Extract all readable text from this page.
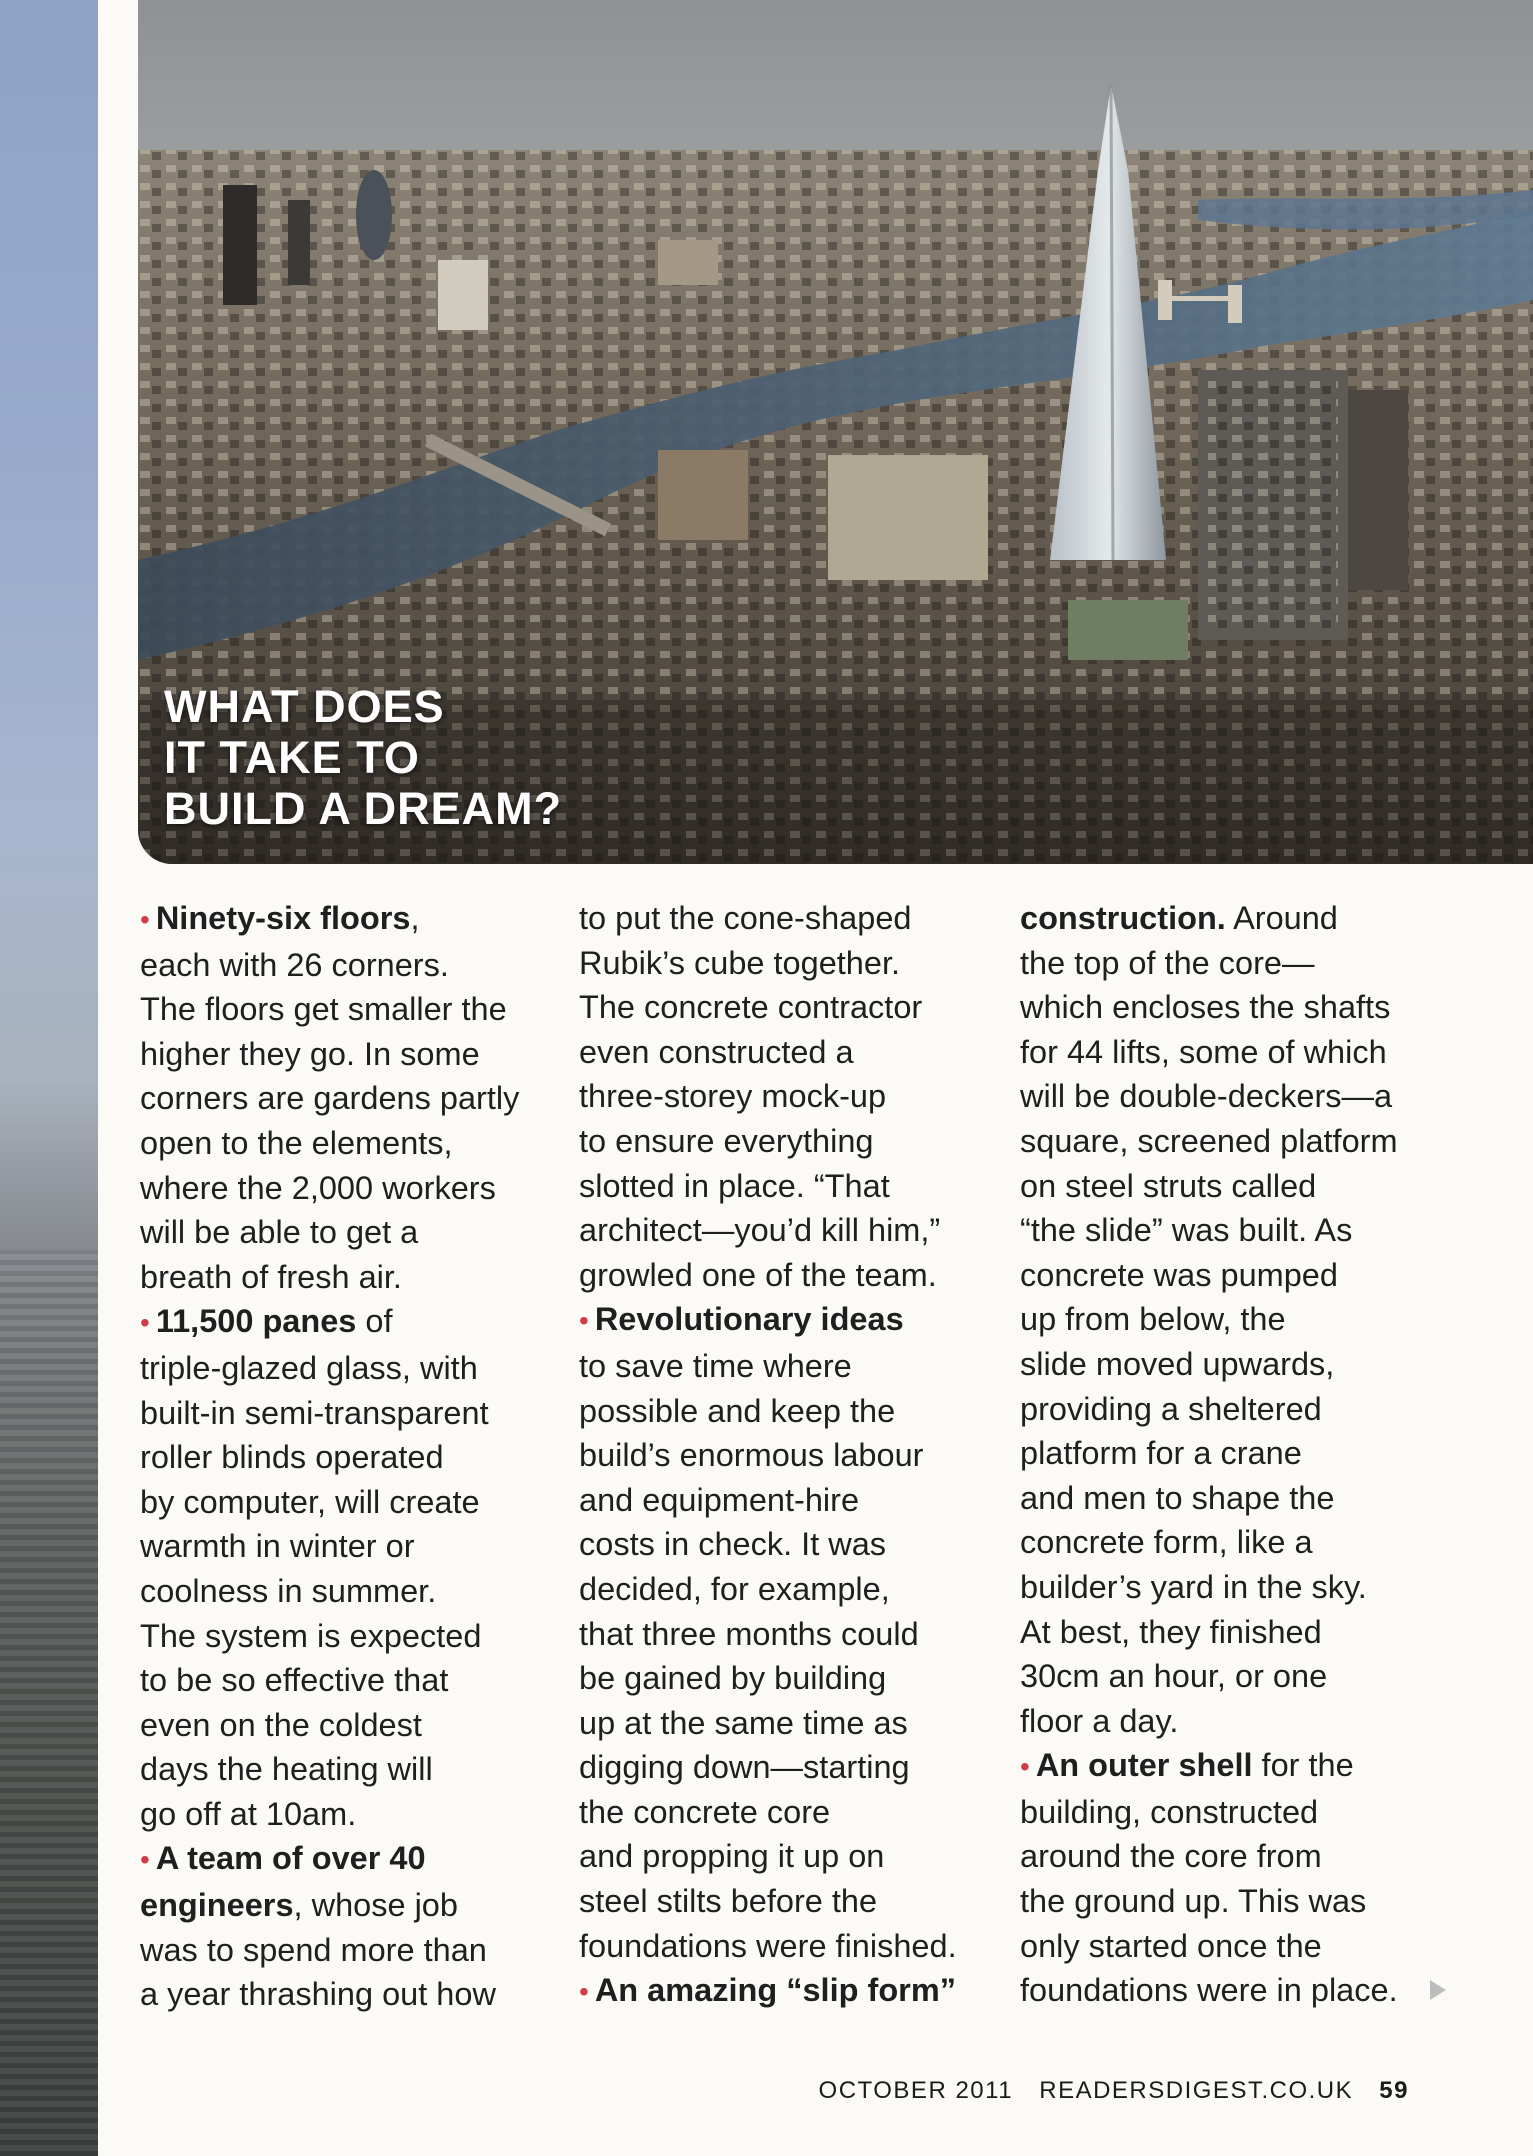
WHAT DOES
IT TAKE TO
BUILD A DREAM?
• Ninety-six floors,
each with 26 corners.
The floors get smaller the
higher they go. In some
corners are gardens partly
open to the elements,
where the 2,000 workers
will be able to get a
breath of fresh air.
• 11,500 panes of
triple-glazed glass, with
built-in semi-transparent
roller blinds operated
by computer, will create
warmth in winter or
coolness in summer.
The system is expected
to be so effective that
even on the coldest
days the heating will
go off at 10am.
• A team of over 40
engineers, whose job
was to spend more than
a year thrashing out how
to put the cone-shaped
Rubik’s cube together.
The concrete contractor
even constructed a
three-storey mock-up
to ensure everything
slotted in place. “That
architect—you’d kill him,”
growled one of the team.
• Revolutionary ideas
to save time where
possible and keep the
build’s enormous labour
and equipment-hire
costs in check. It was
decided, for example,
that three months could
be gained by building
up at the same time as
digging down—starting
the concrete core
and propping it up on
steel stilts before the
foundations were finished.
• An amazing “slip form”
construction. Around
the top of the core—
which encloses the shafts
for 44 lifts, some of which
will be double-deckers—a
square, screened platform
on steel struts called
“the slide” was built. As
concrete was pumped
up from below, the
slide moved upwards,
providing a sheltered
platform for a crane
and men to shape the
concrete form, like a
builder’s yard in the sky.
At best, they finished
30cm an hour, or one
floor a day.
• An outer shell for the
building, constructed
around the core from
the ground up. This was
only started once the
foundations were in place.
OCTOBER 2011 READERSDIGEST.CO.UK 59
